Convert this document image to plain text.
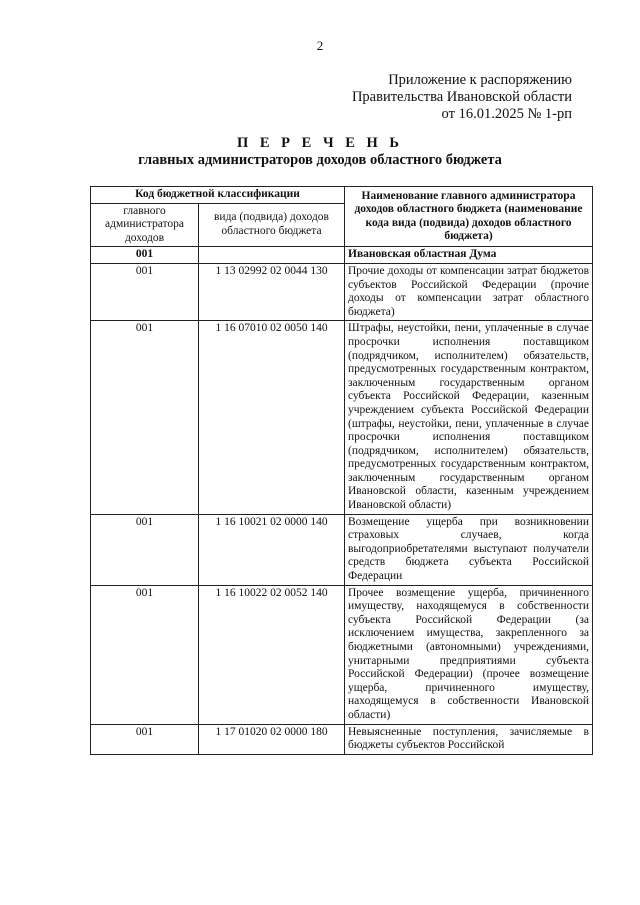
2
Приложение к распоряжению
Правительства Ивановской области
от 16.01.2025 № 1-рп
П Е Р Е Ч Е Н Ь
главных администраторов доходов областного бюджета
Код бюджетной классификации		Наименование главного администратора доходов областного бюджета (наименование кода вида (подвида) доходов областного бюджета)
главного администратора доходов	вида (подвида) доходов областного бюджета	
001		Ивановская областная Дума
001	1 13 02992 02 0044 130	Прочие доходы от компенсации затрат бюджетов субъектов Российской Федерации (прочие доходы от компенсации затрат областного бюджета)
001	1 16 07010 02 0050 140	Штрафы, неустойки, пени, уплаченные в случае просрочки исполнения поставщиком (подрядчиком, исполнителем) обязательств, предусмотренных государственным контрактом, заключенным государственным органом субъекта Российской Федерации, казенным учреждением субъекта Российской Федерации (штрафы, неустойки, пени, уплаченные в случае просрочки исполнения поставщиком (подрядчиком, исполнителем) обязательств, предусмотренных государственным контрактом, заключенным государственным органом Ивановской области, казенным учреждением Ивановской области)
001	1 16 10021 02 0000 140	Возмещение ущерба при возникновении страховых случаев, когда выгодоприобретателями выступают получатели средств бюджета субъекта Российской Федерации
001	1 16 10022 02 0052 140	Прочее возмещение ущерба, причиненного имуществу, находящемуся в собственности субъекта Российской Федерации (за исключением имущества, закрепленного за бюджетными (автономными) учреждениями, унитарными предприятиями субъекта Российской Федерации) (прочее возмещение ущерба, причиненного имуществу, находящемуся в собственности Ивановской области)
001	1 17 01020 02 0000 180	Невыясненные поступления, зачисляемые в бюджеты субъектов Российской
